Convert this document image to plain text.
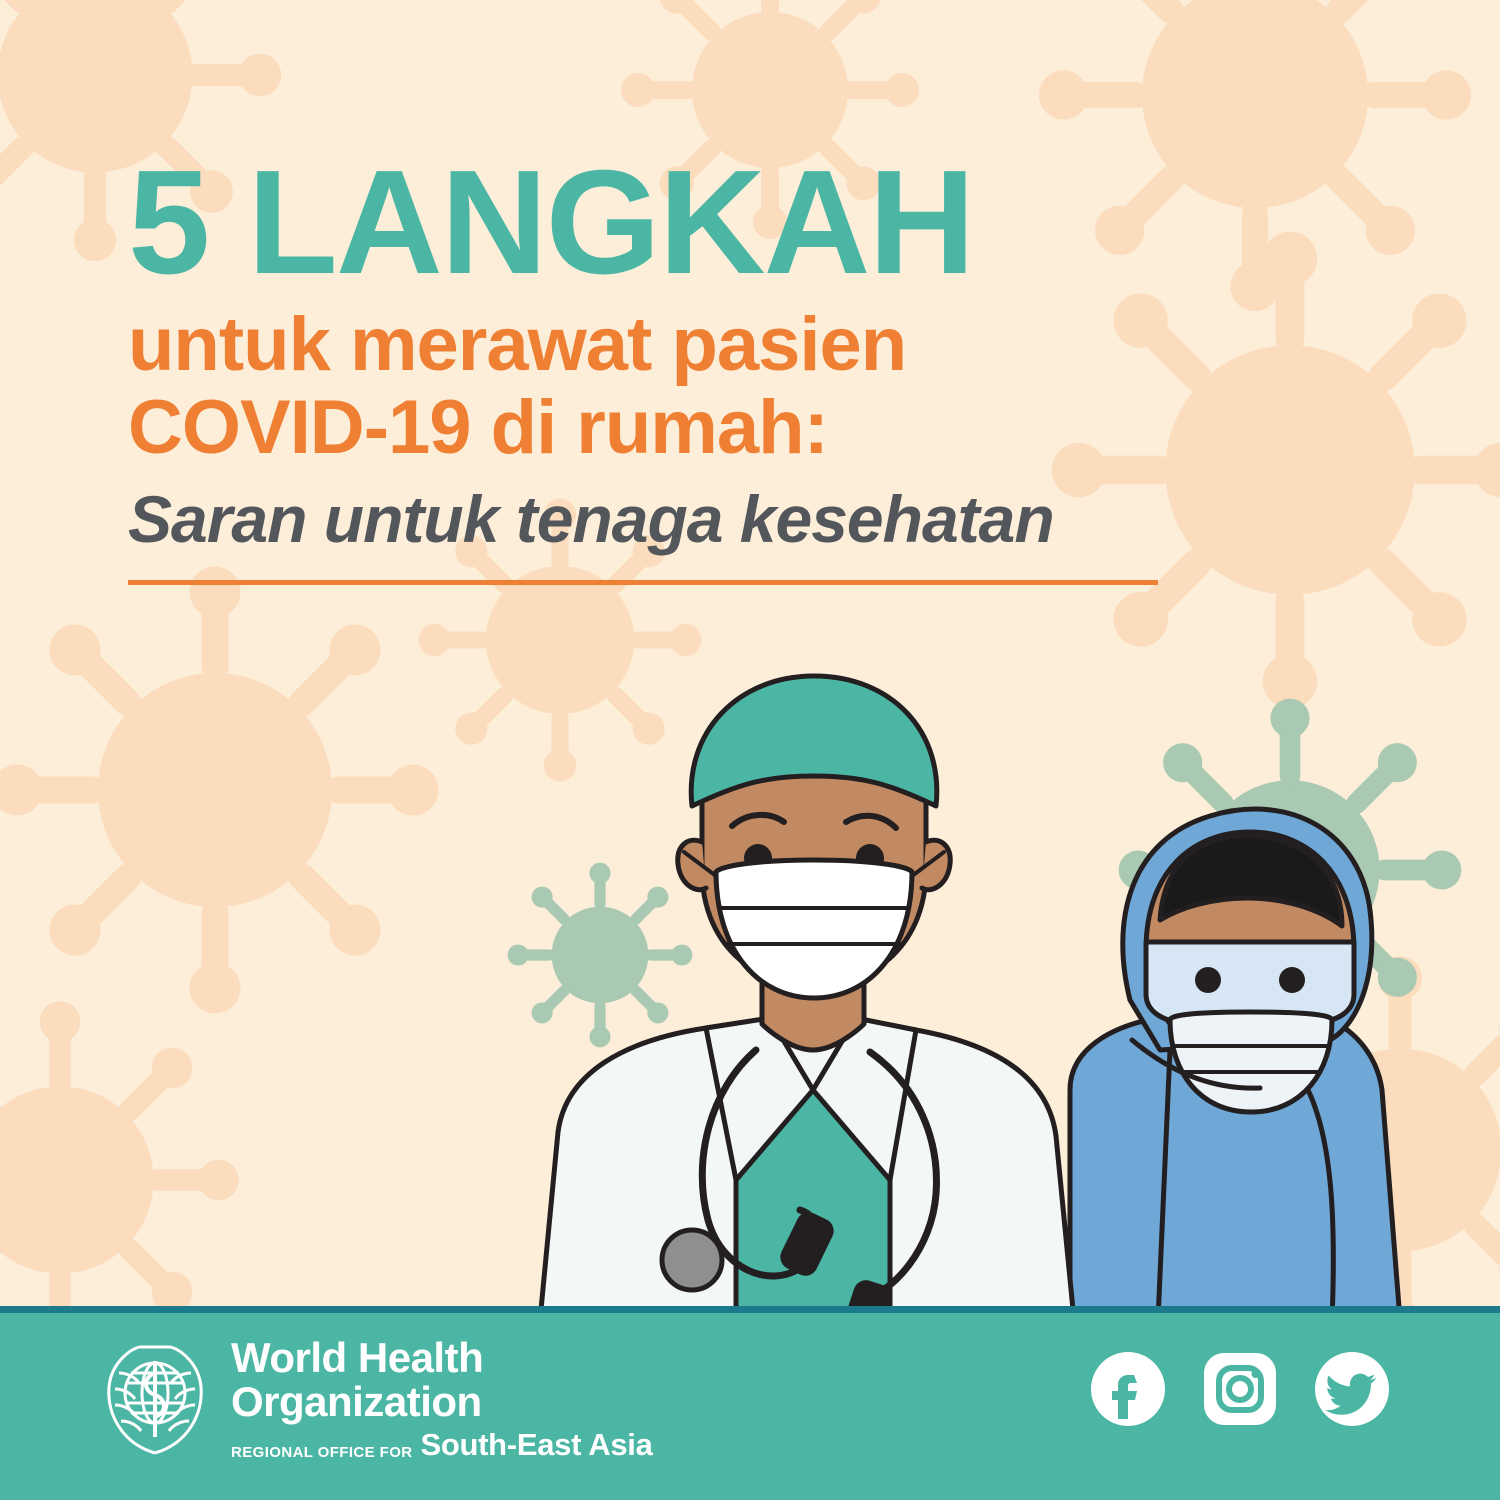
5 LANGKAH

untuk merawat pasien

COVID-19 di rumah:

Saran untuk tenaga kesehatan

World Health
Organization
REGIONAL OFFICE FOR South-East Asia
